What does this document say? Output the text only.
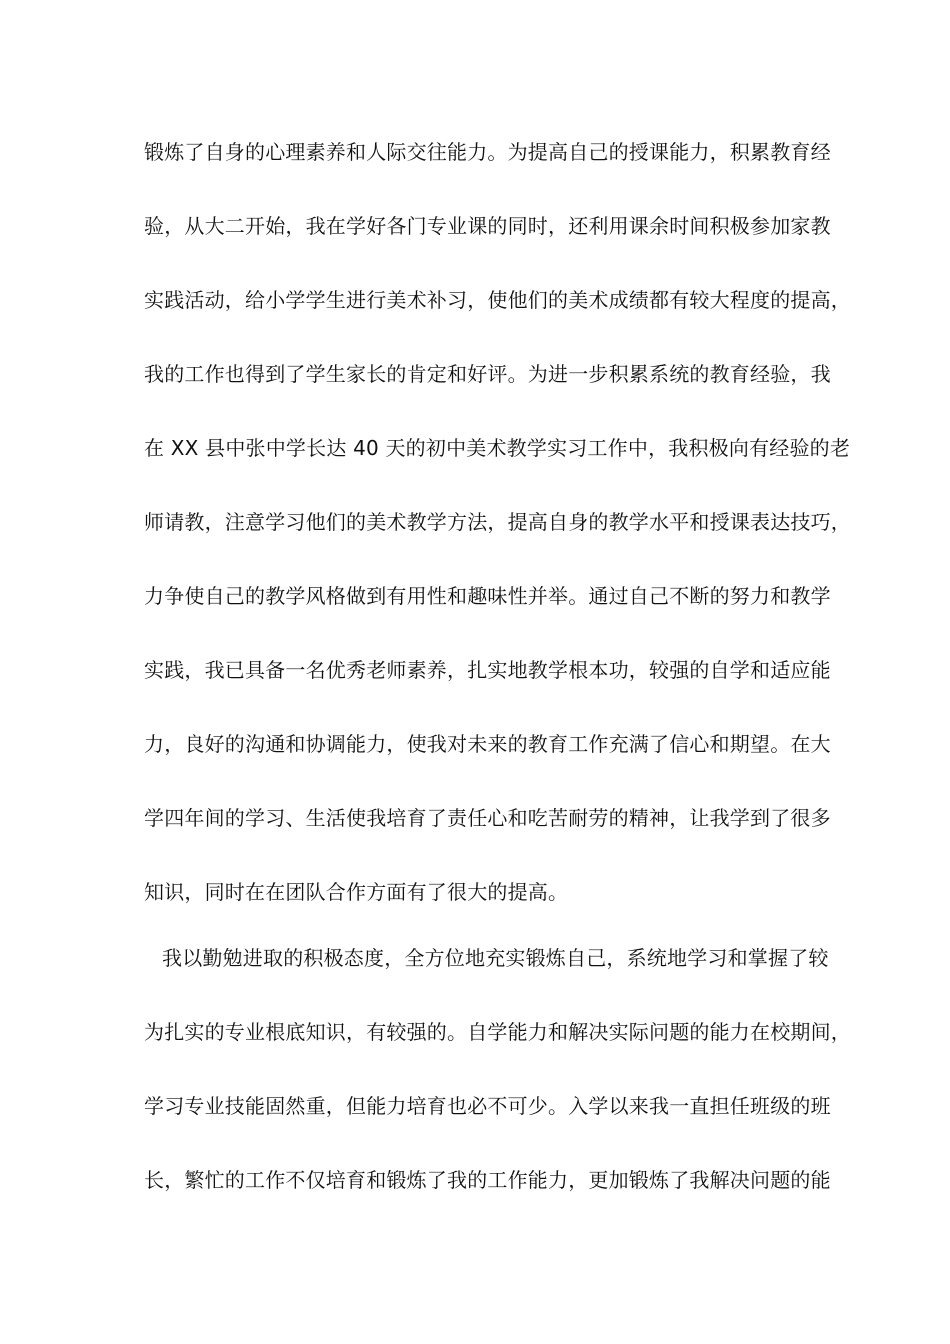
锻炼了自身的心理素养和人际交往能力。为提高自己的授课能力，积累教育经
验，从大二开始，我在学好各门专业课的同时，还利用课余时间积极参加家教
实践活动，给小学学生进行美术补习，使他们的美术成绩都有较大程度的提高，
我的工作也得到了学生家长的肯定和好评。为进一步积累系统的教育经验，我
在 XX 县中张中学长达 40 天的初中美术教学实习工作中，我积极向有经验的老
师请教，注意学习他们的美术教学方法，提高自身的教学水平和授课表达技巧，
力争使自己的教学风格做到有用性和趣味性并举。通过自己不断的努力和教学
实践，我已具备一名优秀老师素养，扎实地教学根本功，较强的自学和适应能
力，良好的沟通和协调能力，使我对未来的教育工作充满了信心和期望。在大
学四年间的学习、生活使我培育了责任心和吃苦耐劳的精神，让我学到了很多
知识，同时在在团队合作方面有了很大的提高。
我以勤勉进取的积极态度，全方位地充实锻炼自己，系统地学习和掌握了较
为扎实的专业根底知识，有较强的。自学能力和解决实际问题的能力在校期间，
学习专业技能固然重，但能力培育也必不可少。入学以来我一直担任班级的班
长，繁忙的工作不仅培育和锻炼了我的工作能力，更加锻炼了我解决问题的能
